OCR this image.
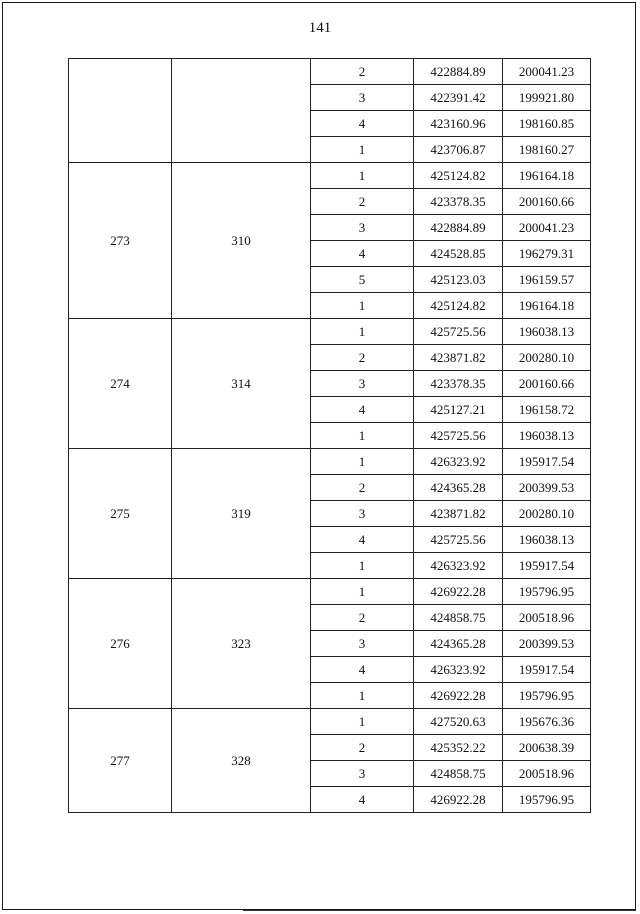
141
		2	422884.89	200041.23
		3	422391.42	199921.80
		4	423160.96	198160.85
		1	423706.87	198160.27
273	310	1	425124.82	196164.18
		2	423378.35	200160.66
		3	422884.89	200041.23
		4	424528.85	196279.31
		5	425123.03	196159.57
		1	425124.82	196164.18
274	314	1	425725.56	196038.13
		2	423871.82	200280.10
		3	423378.35	200160.66
		4	425127.21	196158.72
		1	425725.56	196038.13
275	319	1	426323.92	195917.54
		2	424365.28	200399.53
		3	423871.82	200280.10
		4	425725.56	196038.13
		1	426323.92	195917.54
276	323	1	426922.28	195796.95
		2	424858.75	200518.96
		3	424365.28	200399.53
		4	426323.92	195917.54
		1	426922.28	195796.95
277	328	1	427520.63	195676.36
		2	425352.22	200638.39
		3	424858.75	200518.96
		4	426922.28	195796.95
